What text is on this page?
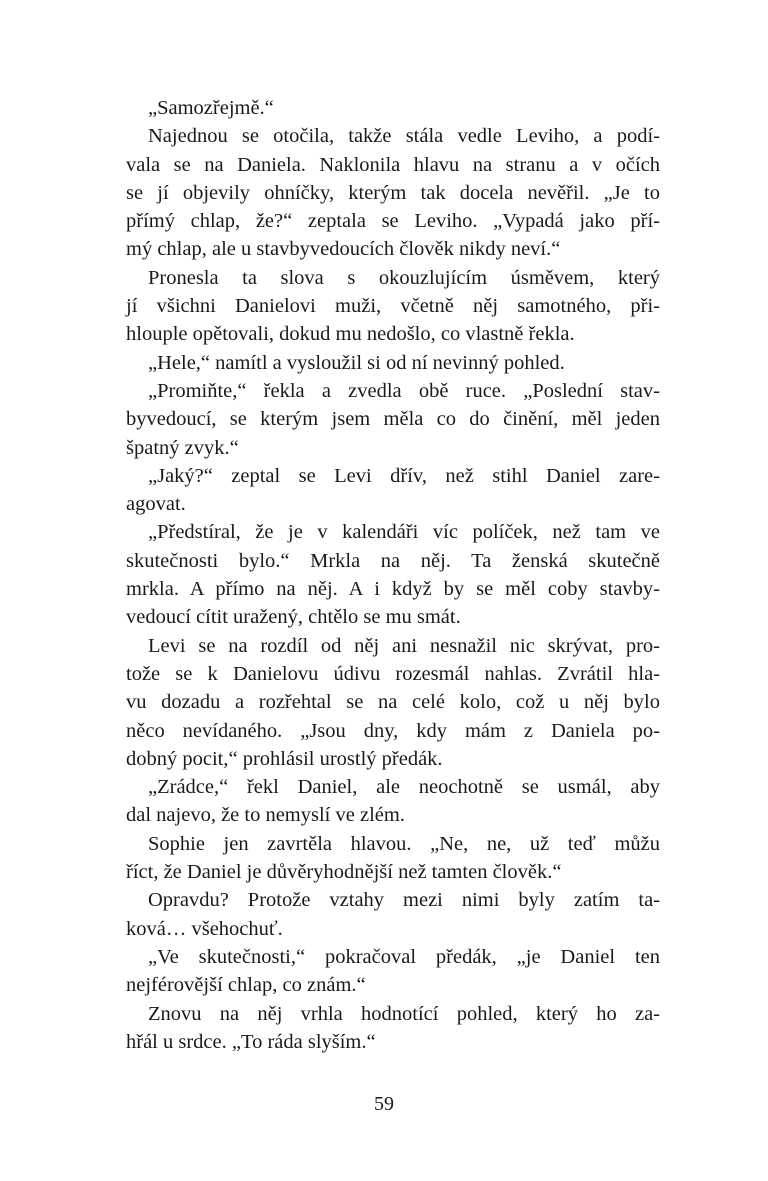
„Samozřejmě.“
Najednou se otočila, takže stála vedle Leviho, a podí-
vala se na Daniela. Naklonila hlavu na stranu a v očích
se jí objevily ohníčky, kterým tak docela nevěřil. „Je to
přímý chlap, že?“ zeptala se Leviho. „Vypadá jako pří-
mý chlap, ale u stavbyvedoucích člověk nikdy neví.“
Pronesla ta slova s okouzlujícím úsměvem, který
jí všichni Danielovi muži, včetně něj samotného, při-
hlouple opětovali, dokud mu nedošlo, co vlastně řekla.
„Hele,“ namítl a vysloužil si od ní nevinný pohled.
„Promiňte,“ řekla a zvedla obě ruce. „Poslední stav-
byvedoucí, se kterým jsem měla co do činění, měl jeden
špatný zvyk.“
„Jaký?“ zeptal se Levi dřív, než stihl Daniel zare-
agovat.
„Předstíral, že je v kalendáři víc políček, než tam ve
skutečnosti bylo.“ Mrkla na něj. Ta ženská skutečně
mrkla. A přímo na něj. A i když by se měl coby stavby-
vedoucí cítit uražený, chtělo se mu smát.
Levi se na rozdíl od něj ani nesnažil nic skrývat, pro-
tože se k Danielovu údivu rozesmál nahlas. Zvrátil hla-
vu dozadu a rozřehtal se na celé kolo, což u něj bylo
něco nevídaného. „Jsou dny, kdy mám z Daniela po-
dobný pocit,“ prohlásil urostlý předák.
„Zrádce,“ řekl Daniel, ale neochotně se usmál, aby
dal najevo, že to nemyslí ve zlém.
Sophie jen zavrtěla hlavou. „Ne, ne, už teď můžu
říct, že Daniel je důvěryhodnější než tamten člověk.“
Opravdu? Protože vztahy mezi nimi byly zatím ta-
ková… všehochuť.
„Ve skutečnosti,“ pokračoval předák, „je Daniel ten
nejférovější chlap, co znám.“
Znovu na něj vrhla hodnotící pohled, který ho za-
hřál u srdce. „To ráda slyším.“
59
